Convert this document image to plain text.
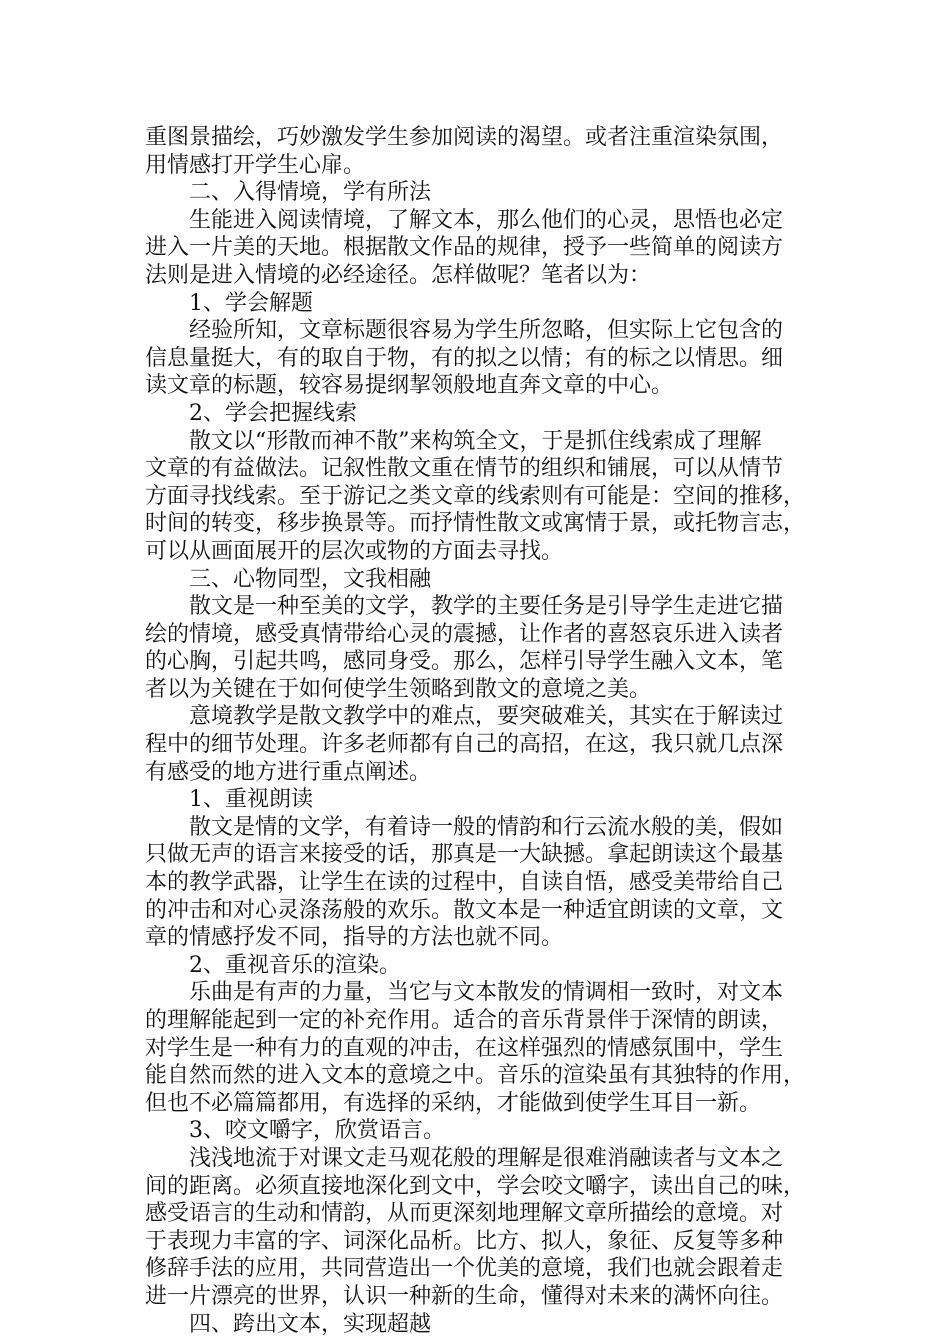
重图景描绘，巧妙激发学生参加阅读的渴望。或者注重渲染氛围，
用情感打开学生心扉。
二、入得情境，学有所法
生能进入阅读情境，了解文本，那么他们的心灵，思悟也必定
进入一片美的天地。根据散文作品的规律，授予一些简单的阅读方
法则是进入情境的必经途径。怎样做呢？笔者以为：
1、学会解题
经验所知，文章标题很容易为学生所忽略，但实际上它包含的
信息量挺大，有的取自于物，有的拟之以情；有的标之以情思。细
读文章的标题，较容易提纲挈领般地直奔文章的中心。
2、学会把握线索
散文以“形散而神不散”来构筑全文，于是抓住线索成了理解
文章的有益做法。记叙性散文重在情节的组织和铺展，可以从情节
方面寻找线索。至于游记之类文章的线索则有可能是：空间的推移，
时间的转变，移步换景等。而抒情性散文或寓情于景，或托物言志，
可以从画面展开的层次或物的方面去寻找。
三、心物同型，文我相融
散文是一种至美的文学，教学的主要任务是引导学生走进它描
绘的情境，感受真情带给心灵的震撼，让作者的喜怒哀乐进入读者
的心胸，引起共鸣，感同身受。那么，怎样引导学生融入文本，笔
者以为关键在于如何使学生领略到散文的意境之美。
意境教学是散文教学中的难点，要突破难关，其实在于解读过
程中的细节处理。许多老师都有自己的高招，在这，我只就几点深
有感受的地方进行重点阐述。
1、重视朗读
散文是情的文学，有着诗一般的情韵和行云流水般的美，假如
只做无声的语言来接受的话，那真是一大缺撼。拿起朗读这个最基
本的教学武器，让学生在读的过程中，自读自悟，感受美带给自己
的冲击和对心灵涤荡般的欢乐。散文本是一种适宜朗读的文章，文
章的情感抒发不同，指导的方法也就不同。
2、重视音乐的渲染。
乐曲是有声的力量，当它与文本散发的情调相一致时，对文本
的理解能起到一定的补充作用。适合的音乐背景伴于深情的朗读，
对学生是一种有力的直观的冲击，在这样强烈的情感氛围中，学生
能自然而然的进入文本的意境之中。音乐的渲染虽有其独特的作用，
但也不必篇篇都用，有选择的采纳，才能做到使学生耳目一新。
3、咬文嚼字，欣赏语言。
浅浅地流于对课文走马观花般的理解是很难消融读者与文本之
间的距离。必须直接地深化到文中，学会咬文嚼字，读出自己的味，
感受语言的生动和情韵，从而更深刻地理解文章所描绘的意境。对
于表现力丰富的字、词深化品析。比方、拟人，象征、反复等多种
修辞手法的应用，共同营造出一个优美的意境，我们也就会跟着走
进一片漂亮的世界，认识一种新的生命，懂得对未来的满怀向往。
四、跨出文本，实现超越
